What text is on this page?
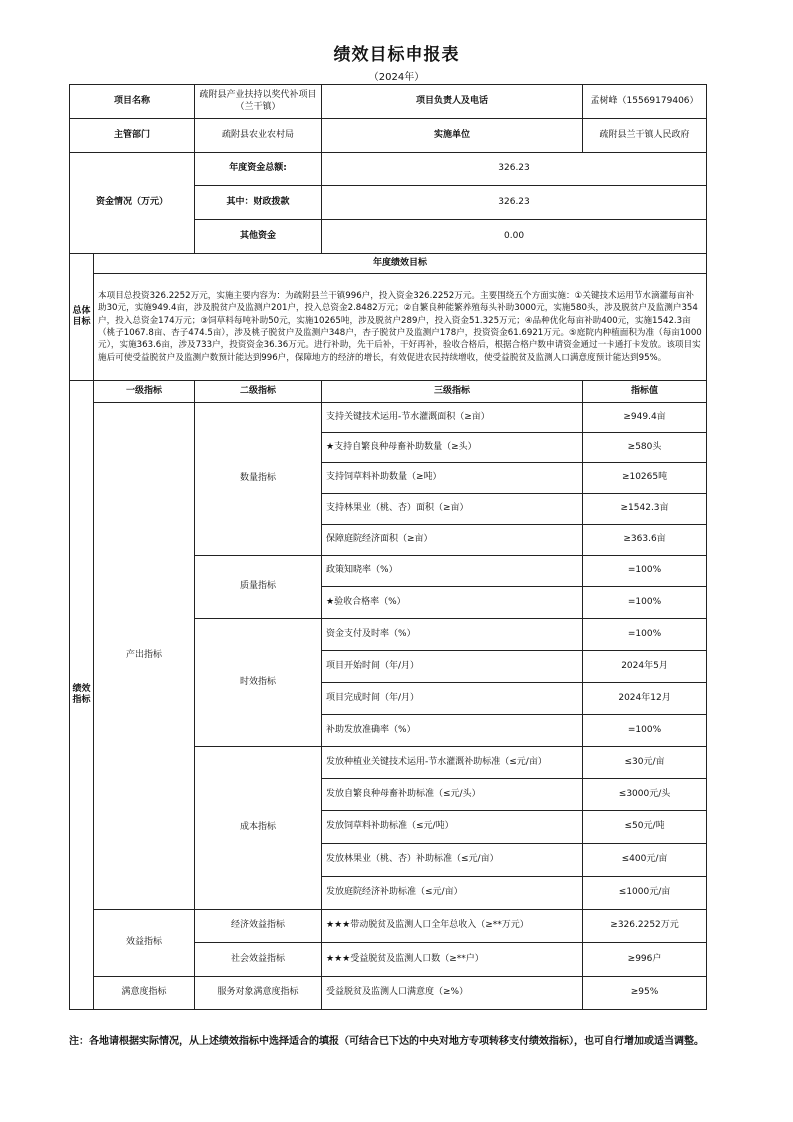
绩效目标申报表
（2024年）
项目名称		疏附县产业扶持以奖代补项目（兰干镇）	项目负责人及电话	孟树峰（15569179406）
主管部门		疏附县农业农村局	实施单位	疏附县兰干镇人民政府
资金情况（万元）		年度资金总额:	326.23	
		其中：财政拨款	326.23	
		其他资金	0.00	
总体目标	年度绩效目标			
	本项目总投资326.2252万元，实施主要内容为：为疏附县兰干镇996户，投入资金326.2252万元。主要围绕五个方面实施：①关键技术运用节水滴灌每亩补助30元，实施949.4亩，涉及脱贫户及监测户201户，投入总资金2.8482万元；②自繁良种能繁养殖每头补助3000元，实施580头，涉及脱贫户及监测户354户，投入总资金174万元；③饲草料每吨补助50元，实施10265吨，涉及脱贫户289户，投入资金51.325万元；④品种优化每亩补助400元，实施1542.3亩（桃子1067.8亩、杏子474.5亩），涉及桃子脱贫户及监测户348户，杏子脱贫户及监测户178户，投资资金61.6921万元。⑤庭院内种植面积为准（每亩1000元），实施363.6亩，涉及733户，投资资金36.36万元。进行补助，先干后补，干好再补，验收合格后，根据合格户数申请资金通过一卡通打卡发放。该项目实施后可使受益脱贫户及监测户数预计能达到996户，保障地方的经济的增长，有效促进农民持续增收，使受益脱贫及监测人口满意度预计能达到95%。			
绩效指标	一级指标	二级指标	三级指标	指标值
	产出指标	数量指标	支持关键技术运用-节水灌溉面积（≥亩）	≥949.4亩
			★支持自繁良种母畜补助数量（≥头）	≥580头
			支持饲草料补助数量（≥吨）	≥10265吨
			支持林果业（桃、杏）面积（≥亩）	≥1542.3亩
			保障庭院经济面积（≥亩）	≥363.6亩
		质量指标	政策知晓率（%）	=100%
			★验收合格率（%）	=100%
		时效指标	资金支付及时率（%）	=100%
			项目开始时间（年/月）	2024年5月
			项目完成时间（年/月）	2024年12月
			补助发放准确率（%）	=100%
		成本指标	发放种植业关键技术运用-节水灌溉补助标准（≤元/亩）	≤30元/亩
			发放自繁良种母畜补助标准（≤元/头）	≤3000元/头
			发放饲草料补助标准（≤元/吨）	≤50元/吨
			发放林果业（桃、杏）补助标准（≤元/亩）	≤400元/亩
			发放庭院经济补助标准（≤元/亩）	≤1000元/亩
	效益指标	经济效益指标	★★★带动脱贫及监测人口全年总收入（≥**万元）	≥326.2252万元
		社会效益指标	★★★受益脱贫及监测人口数（≥**户）	≥996户
	满意度指标	服务对象满意度指标	受益脱贫及监测人口满意度（≥%）	≥95%
注：各地请根据实际情况，从上述绩效指标中选择适合的填报（可结合已下达的中央对地方专项转移支付绩效指标），也可自行增加或适当调整。
